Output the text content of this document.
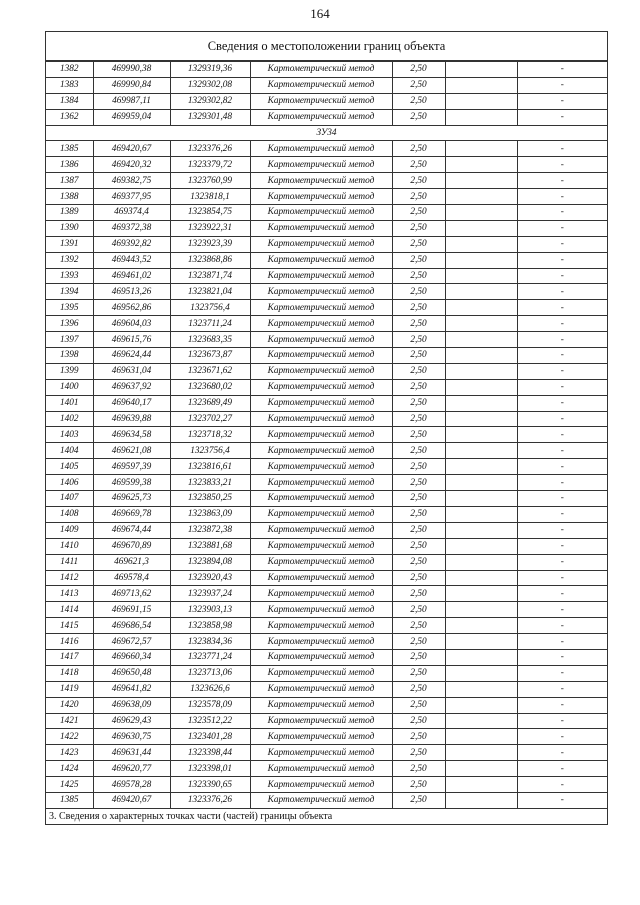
164
Сведения о местоположении границ объекта
1382	469990,38	1329319,36	Картометрический метод	2,50		-
1383	469990,84	1329302,08	Картометрический метод	2,50		-
1384	469987,11	1329302,82	Картометрический метод	2,50		-
1362	469959,04	1329301,48	Картометрический метод	2,50		-
ЗУ34						
1385	469420,67	1323376,26	Картометрический метод	2,50		-
1386	469420,32	1323379,72	Картометрический метод	2,50		-
1387	469382,75	1323760,99	Картометрический метод	2,50		-
1388	469377,95	1323818,1	Картометрический метод	2,50		-
1389	469374,4	1323854,75	Картометрический метод	2,50		-
1390	469372,38	1323922,31	Картометрический метод	2,50		-
1391	469392,82	1323923,39	Картометрический метод	2,50		-
1392	469443,52	1323868,86	Картометрический метод	2,50		-
1393	469461,02	1323871,74	Картометрический метод	2,50		-
1394	469513,26	1323821,04	Картометрический метод	2,50		-
1395	469562,86	1323756,4	Картометрический метод	2,50		-
1396	469604,03	1323711,24	Картометрический метод	2,50		-
1397	469615,76	1323683,35	Картометрический метод	2,50		-
1398	469624,44	1323673,87	Картометрический метод	2,50		-
1399	469631,04	1323671,62	Картометрический метод	2,50		-
1400	469637,92	1323680,02	Картометрический метод	2,50		-
1401	469640,17	1323689,49	Картометрический метод	2,50		-
1402	469639,88	1323702,27	Картометрический метод	2,50		-
1403	469634,58	1323718,32	Картометрический метод	2,50		-
1404	469621,08	1323756,4	Картометрический метод	2,50		-
1405	469597,39	1323816,61	Картометрический метод	2,50		-
1406	469599,38	1323833,21	Картометрический метод	2,50		-
1407	469625,73	1323850,25	Картометрический метод	2,50		-
1408	469669,78	1323863,09	Картометрический метод	2,50		-
1409	469674,44	1323872,38	Картометрический метод	2,50		-
1410	469670,89	1323881,68	Картометрический метод	2,50		-
1411	469621,3	1323894,08	Картометрический метод	2,50		-
1412	469578,4	1323920,43	Картометрический метод	2,50		-
1413	469713,62	1323937,24	Картометрический метод	2,50		-
1414	469691,15	1323903,13	Картометрический метод	2,50		-
1415	469686,54	1323858,98	Картометрический метод	2,50		-
1416	469672,57	1323834,36	Картометрический метод	2,50		-
1417	469660,34	1323771,24	Картометрический метод	2,50		-
1418	469650,48	1323713,06	Картометрический метод	2,50		-
1419	469641,82	1323626,6	Картометрический метод	2,50		-
1420	469638,09	1323578,09	Картометрический метод	2,50		-
1421	469629,43	1323512,22	Картометрический метод	2,50		-
1422	469630,75	1323401,28	Картометрический метод	2,50		-
1423	469631,44	1323398,44	Картометрический метод	2,50		-
1424	469620,77	1323398,01	Картометрический метод	2,50		-
1425	469578,28	1323390,65	Картометрический метод	2,50		-
1385	469420,67	1323376,26	Картометрический метод	2,50		-
3. Сведения о характерных точках части (частей) границы объекта
